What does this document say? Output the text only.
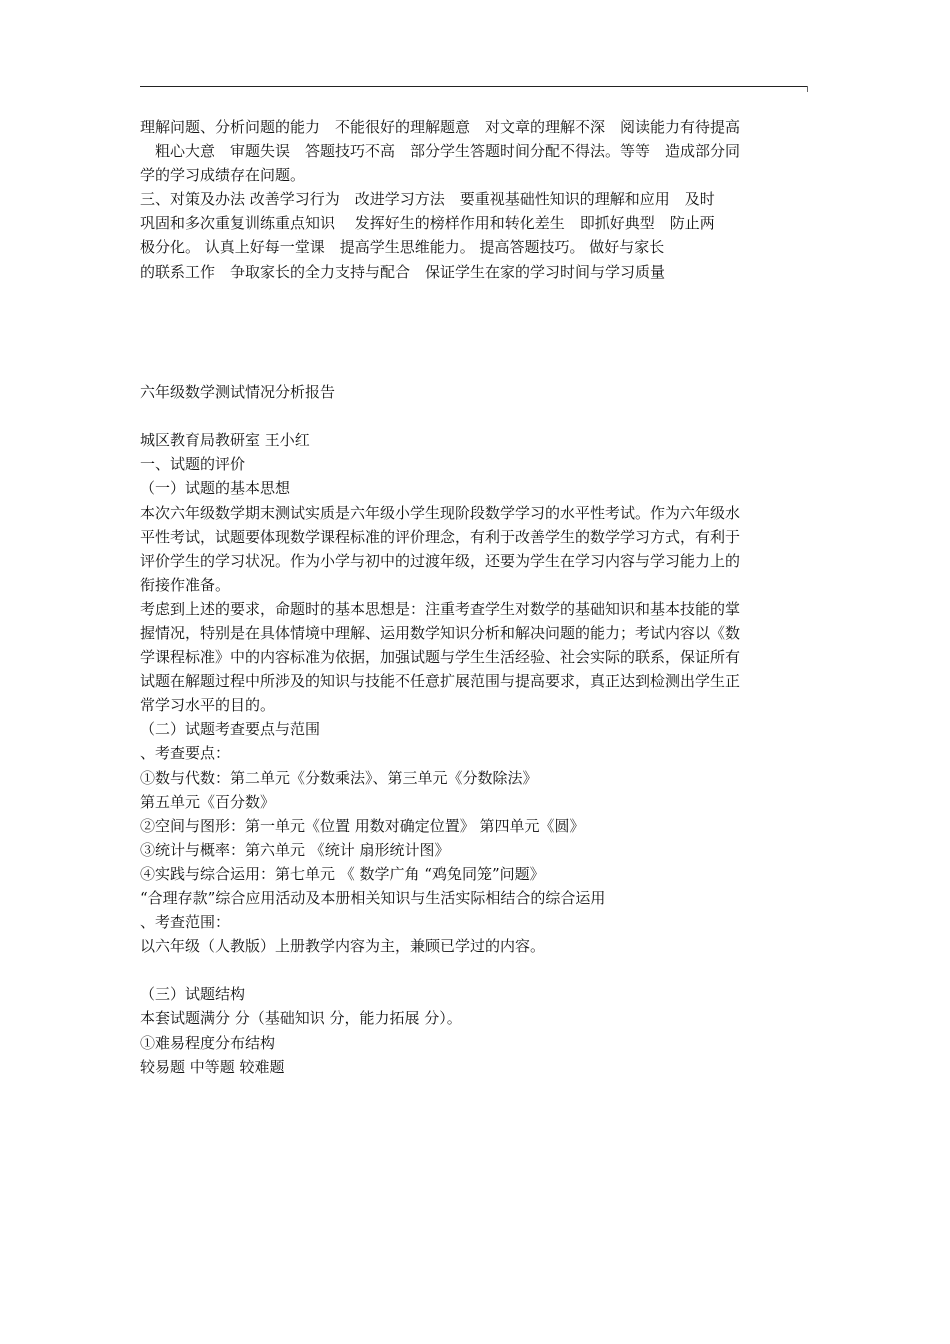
理解问题、分析问题的能力　不能很好的理解题意　对文章的理解不深　阅读能力有待提高
　粗心大意　审题失误　答题技巧不高　部分学生答题时间分配不得法。等等　造成部分同
学的学习成绩存在问题。
三、对策及办法 改善学习行为　改进学习方法　要重视基础性知识的理解和应用　及时
巩固和多次重复训练重点知识　 发挥好生的榜样作用和转化差生　即抓好典型　防止两
极分化。 认真上好每一堂课　提高学生思维能力。 提高答题技巧。 做好与家长
的联系工作　争取家长的全力支持与配合　保证学生在家的学习时间与学习质量
六年级数学测试情况分析报告
城区教育局教研室 王小红
一、试题的评价
（一）试题的基本思想
本次六年级数学期末测试实质是六年级小学生现阶段数学学习的水平性考试。作为六年级水
平性考试，试题要体现数学课程标准的评价理念，有利于改善学生的数学学习方式，有利于
评价学生的学习状况。作为小学与初中的过渡年级，还要为学生在学习内容与学习能力上的
衔接作准备。
考虑到上述的要求，命题时的基本思想是：注重考查学生对数学的基础知识和基本技能的掌
握情况，特别是在具体情境中理解、运用数学知识分析和解决问题的能力；考试内容以《数
学课程标准》中的内容标准为依据，加强试题与学生生活经验、社会实际的联系，保证所有
试题在解题过程中所涉及的知识与技能不任意扩展范围与提高要求，真正达到检测出学生正
常学习水平的目的。
（二）试题考查要点与范围
、考查要点：
①数与代数：第二单元《分数乘法》、第三单元《分数除法》
第五单元《百分数》
②空间与图形：第一单元《位置 用数对确定位置》 第四单元《圆》
③统计与概率：第六单元 《统计 扇形统计图》
④实践与综合运用：第七单元 《 数学广角 “鸡兔同笼”问题》
“合理存款”综合应用活动及本册相关知识与生活实际相结合的综合运用
、考查范围：
以六年级（人教版）上册教学内容为主，兼顾已学过的内容。
（三）试题结构
本套试题满分 分（基础知识 分，能力拓展 分）。
①难易程度分布结构
较易题 中等题 较难题
